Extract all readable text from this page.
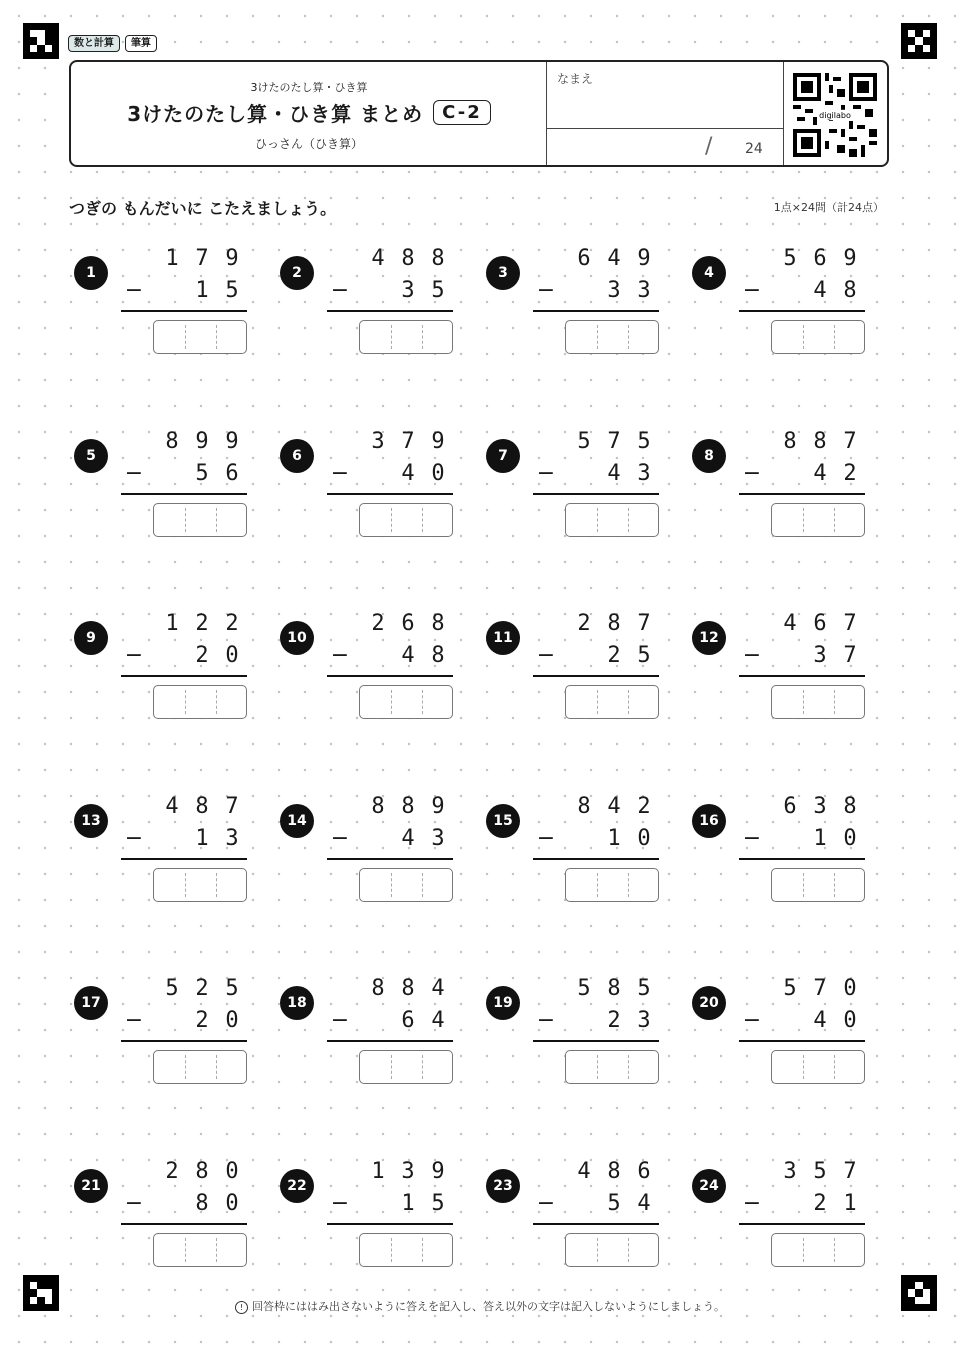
数と計算	筆算
3けたのたし算・ひき算
3けたのたし算・ひき算 まとめ	C-2
ひっさん（ひき算）
なまえ
/ 24
digilabo
つぎの もんだいに こたえましょう。	1点×24問（計24点）
1
1 7 9
−	1 5
2
4 8 8
−	3 5
3
6 4 9
−	3 3
4
5 6 9
−	4 8
5
8 9 9
−	5 6
6
3 7 9
−	4 0
7
5 7 5
−	4 3
8
8 8 7
−	4 2
9
1 2 2
−	2 0
10
2 6 8
−	4 8
11
2 8 7
−	2 5
12
4 6 7
−	3 7
13
4 8 7
−	1 3
14
8 8 9
−	4 3
15
8 4 2
−	1 0
16
6 3 8
−	1 0
17
5 2 5
−	2 0
18
8 8 4
−	6 4
19
5 8 5
−	2 3
20
5 7 0
−	4 0
21
2 8 0
−	8 0
22
1 3 9
−	1 5
23
4 8 6
−	5 4
24
3 5 7
−	2 1
! 回答枠にははみ出さないように答えを記入し、答え以外の文字は記入しないようにしましょう。
